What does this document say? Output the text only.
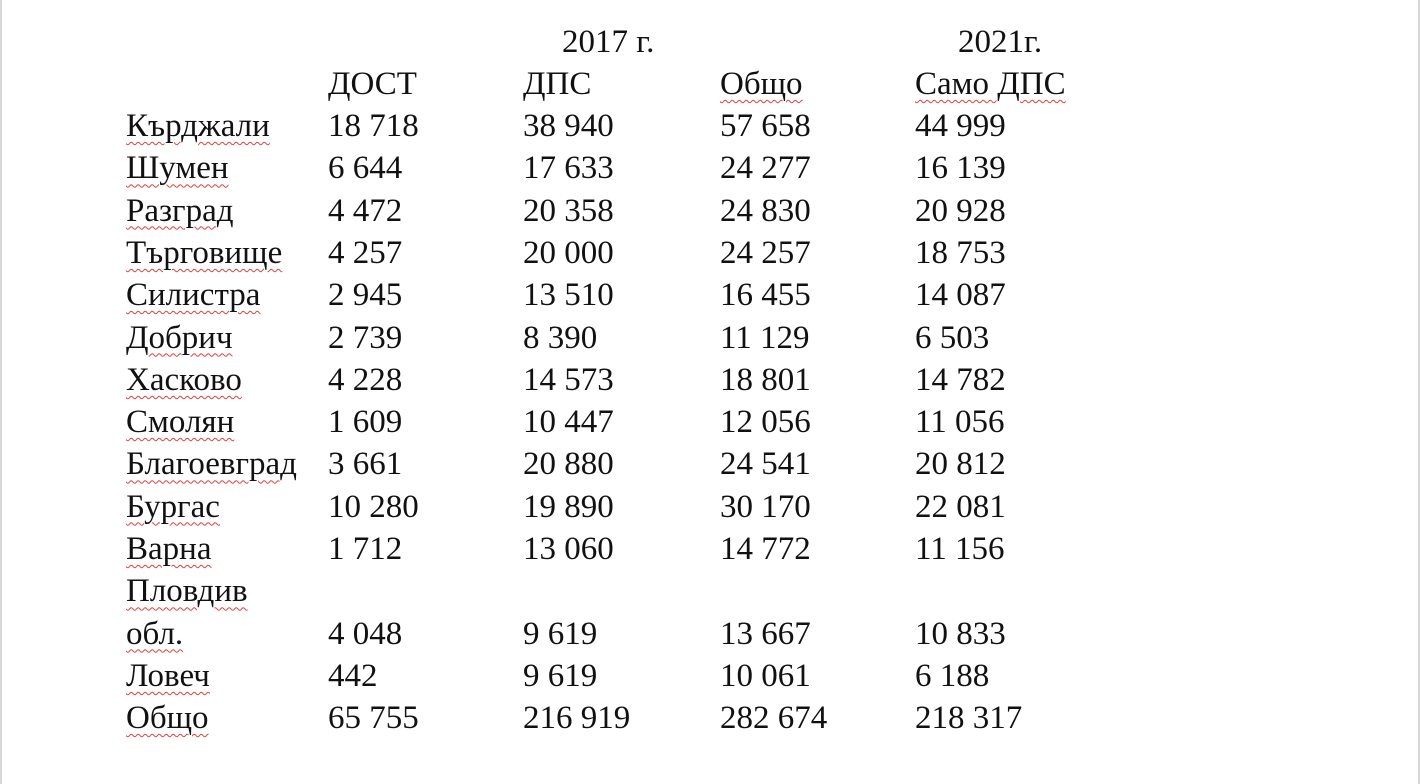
2017 г.	2021г.
ДОСТ	ДПС	Общо	Само ДПС
Кърджали 18 718	38 940	57 658	44 999
Шумен	6 644	17 633	24 277	16 139
Разград	4 472	20 358	24 830	20 928
Търговище 4 257	20 000	24 257	18 753
Силистра 2 945	13 510	16 455	14 087
Добрич	2 739	8 390	11 129	6 503
Хасково	4 228	14 573	18 801	14 782
Смолян	1 609	10 447	12 056	11 056
Благоевград 3 661	20 880	24 541	20 812
Бургас	10 280	19 890	30 170	22 081
Варна	1 712	13 060	14 772	11 156
Пловдив
обл.	4 048	9 619	13 667	10 833
Ловеч	442	9 619	10 061	6 188
Общо	65 755	216 919	282 674	218 317
